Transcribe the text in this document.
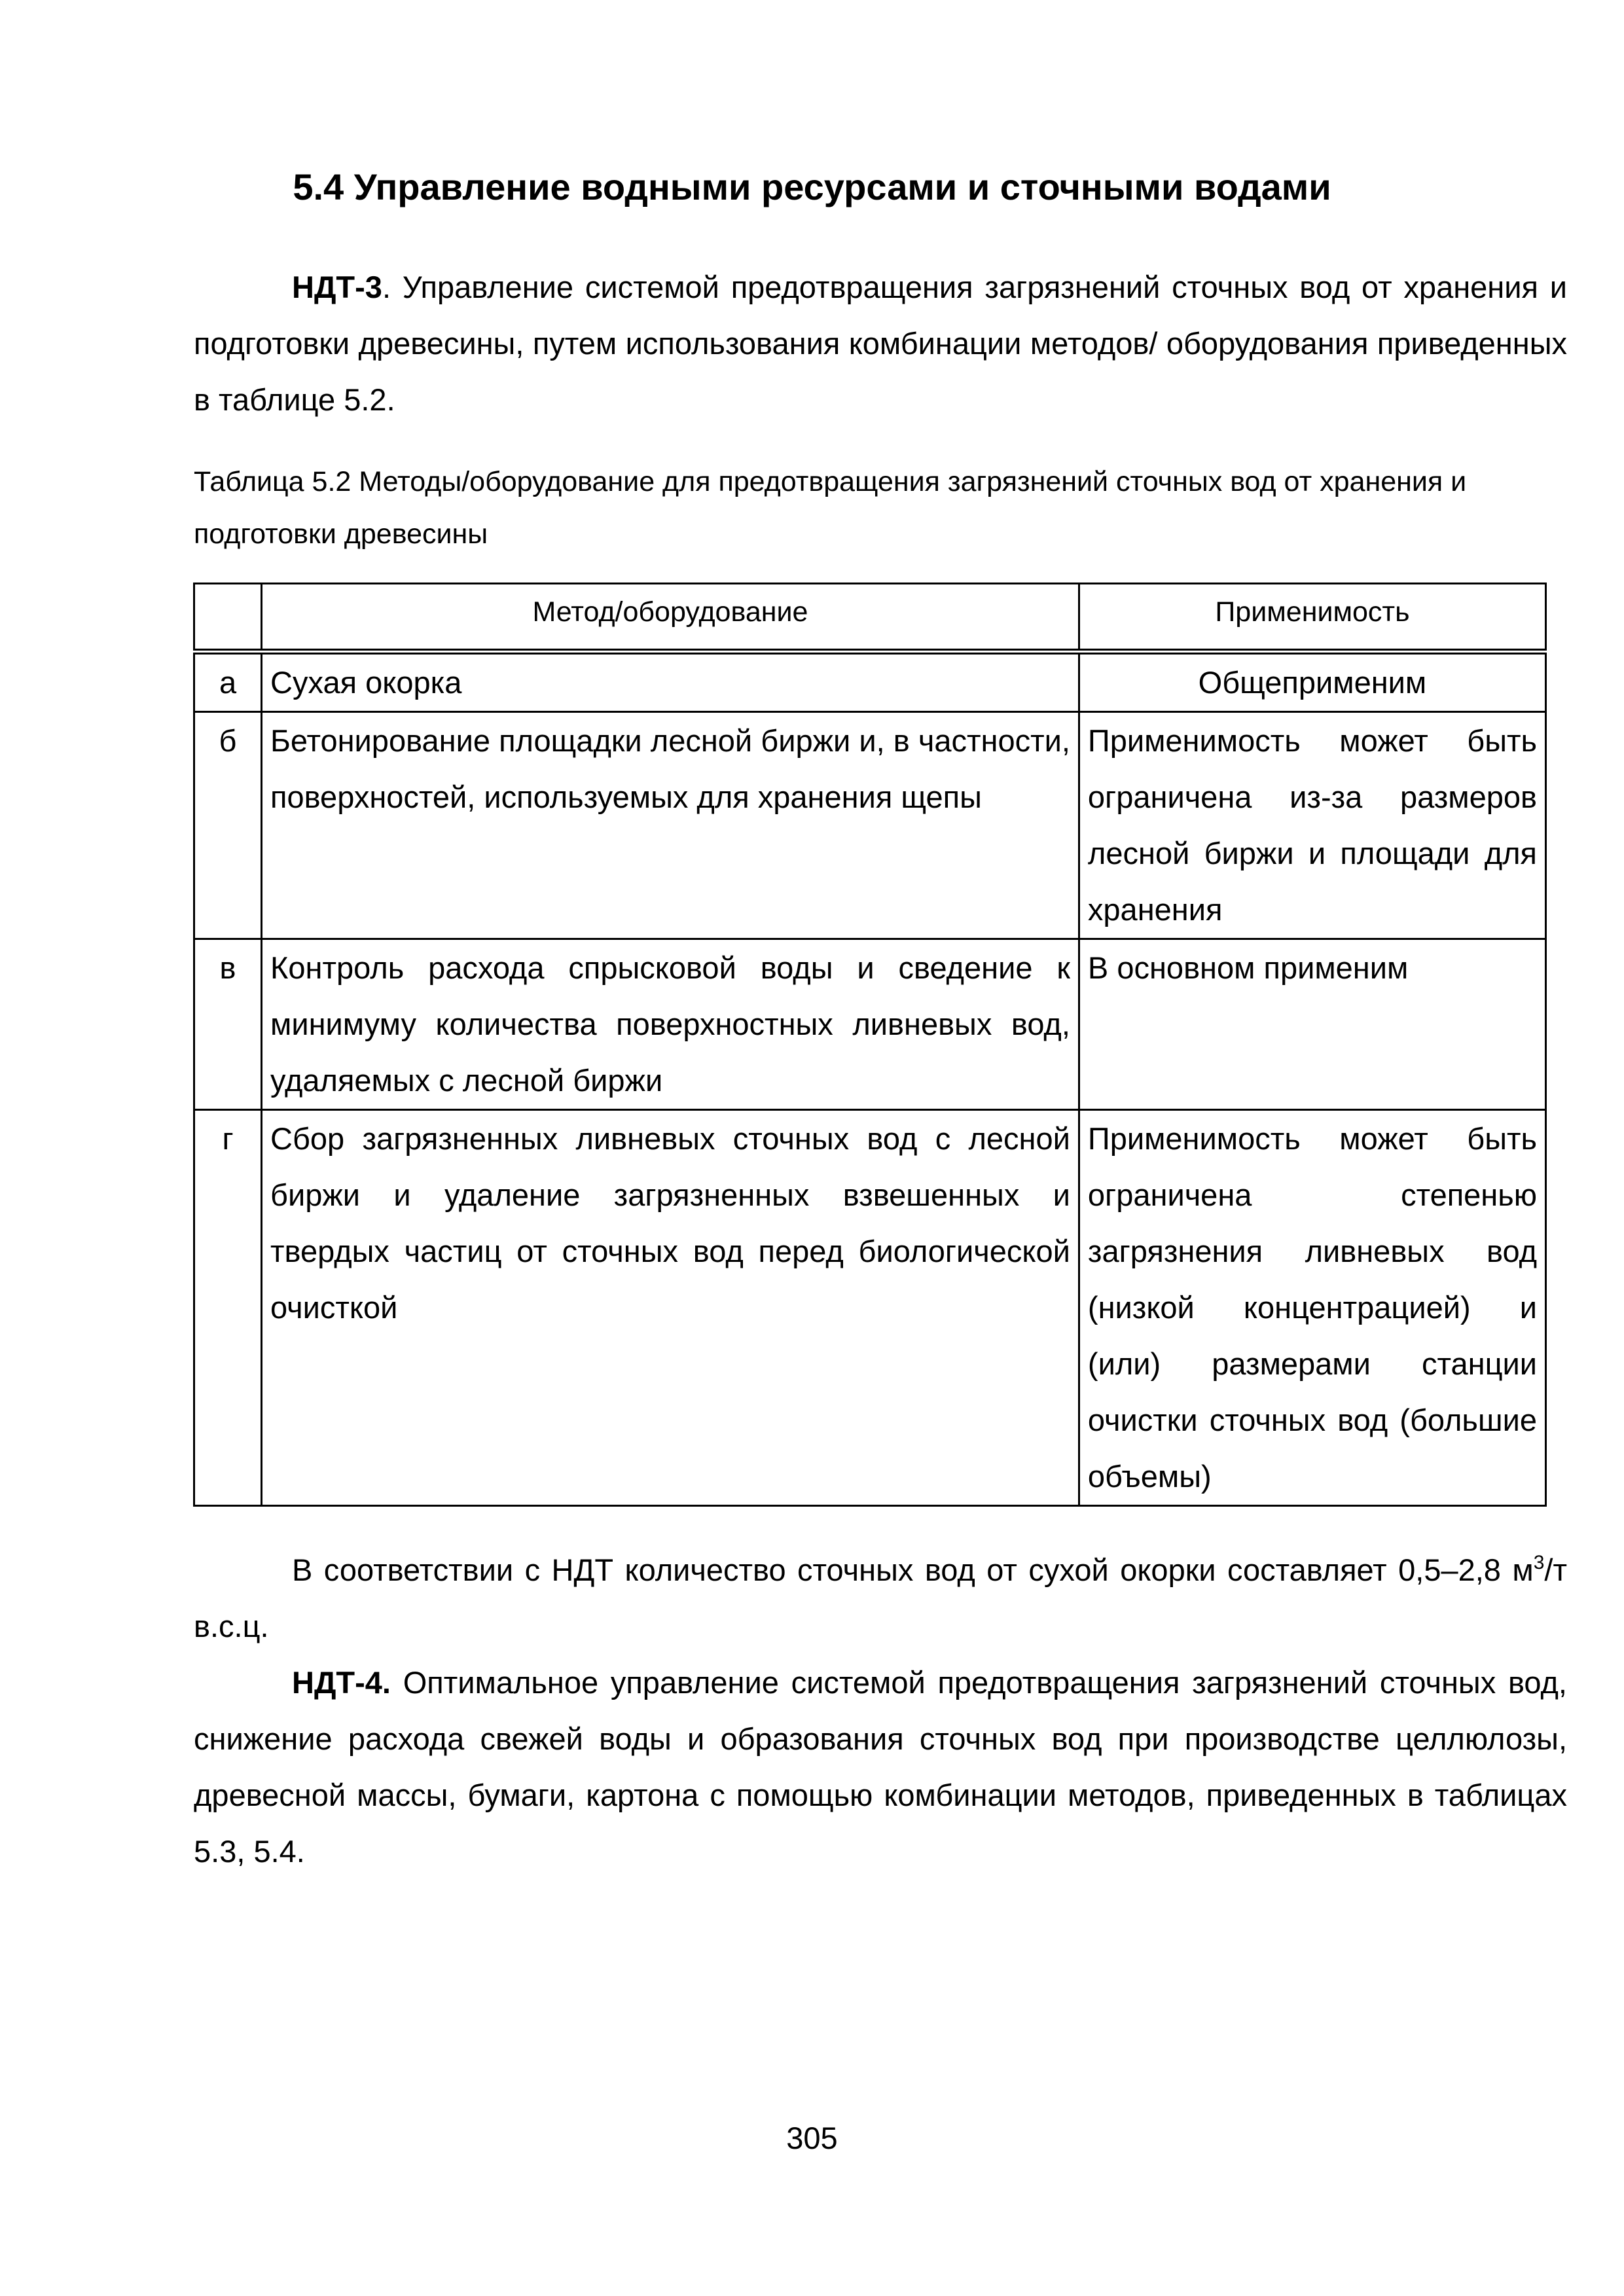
5.4 Управление водными ресурсами и сточными водами

НДТ-3. Управление системой предотвращения загрязнений сточных вод от хранения и подготовки древесины, путем использования комбинации методов/ оборудования приведенных в таблице 5.2.

Таблица 5.2 Методы/оборудование для предотвращения загрязнений сточных вод от хранения и подготовки древесины

	Метод/оборудование	Применимость
а	Сухая окорка	Общеприменим
б	Бетонирование площадки лесной биржи и, в частности, поверхностей, используемых для хранения щепы	Применимость может быть ограничена из-за размеров лесной биржи и площади для хранения
в	Контроль расхода спрысковой воды и сведение к минимуму количества поверхностных ливневых вод, удаляемых с лесной биржи	В основном применим
г	Сбор загрязненных ливневых сточных вод с лесной биржи и удаление загрязненных взвешенных и твердых частиц от сточных вод перед биологической очисткой	Применимость может быть ограничена степенью загрязнения ливневых вод (низкой концентрацией) и (или) размерами станции очистки сточных вод (большие объемы)

В соответствии с НДТ количество сточных вод от сухой окорки составляет 0,5–2,8 $м^3/т$ в.с.ц.

НДТ-4. Оптимальное управление системой предотвращения загрязнений сточных вод, снижение расхода свежей воды и образования сточных вод при производстве целлюлозы, древесной массы, бумаги, картона с помощью комбинации методов, приведенных в таблицах 5.3, 5.4.

305
